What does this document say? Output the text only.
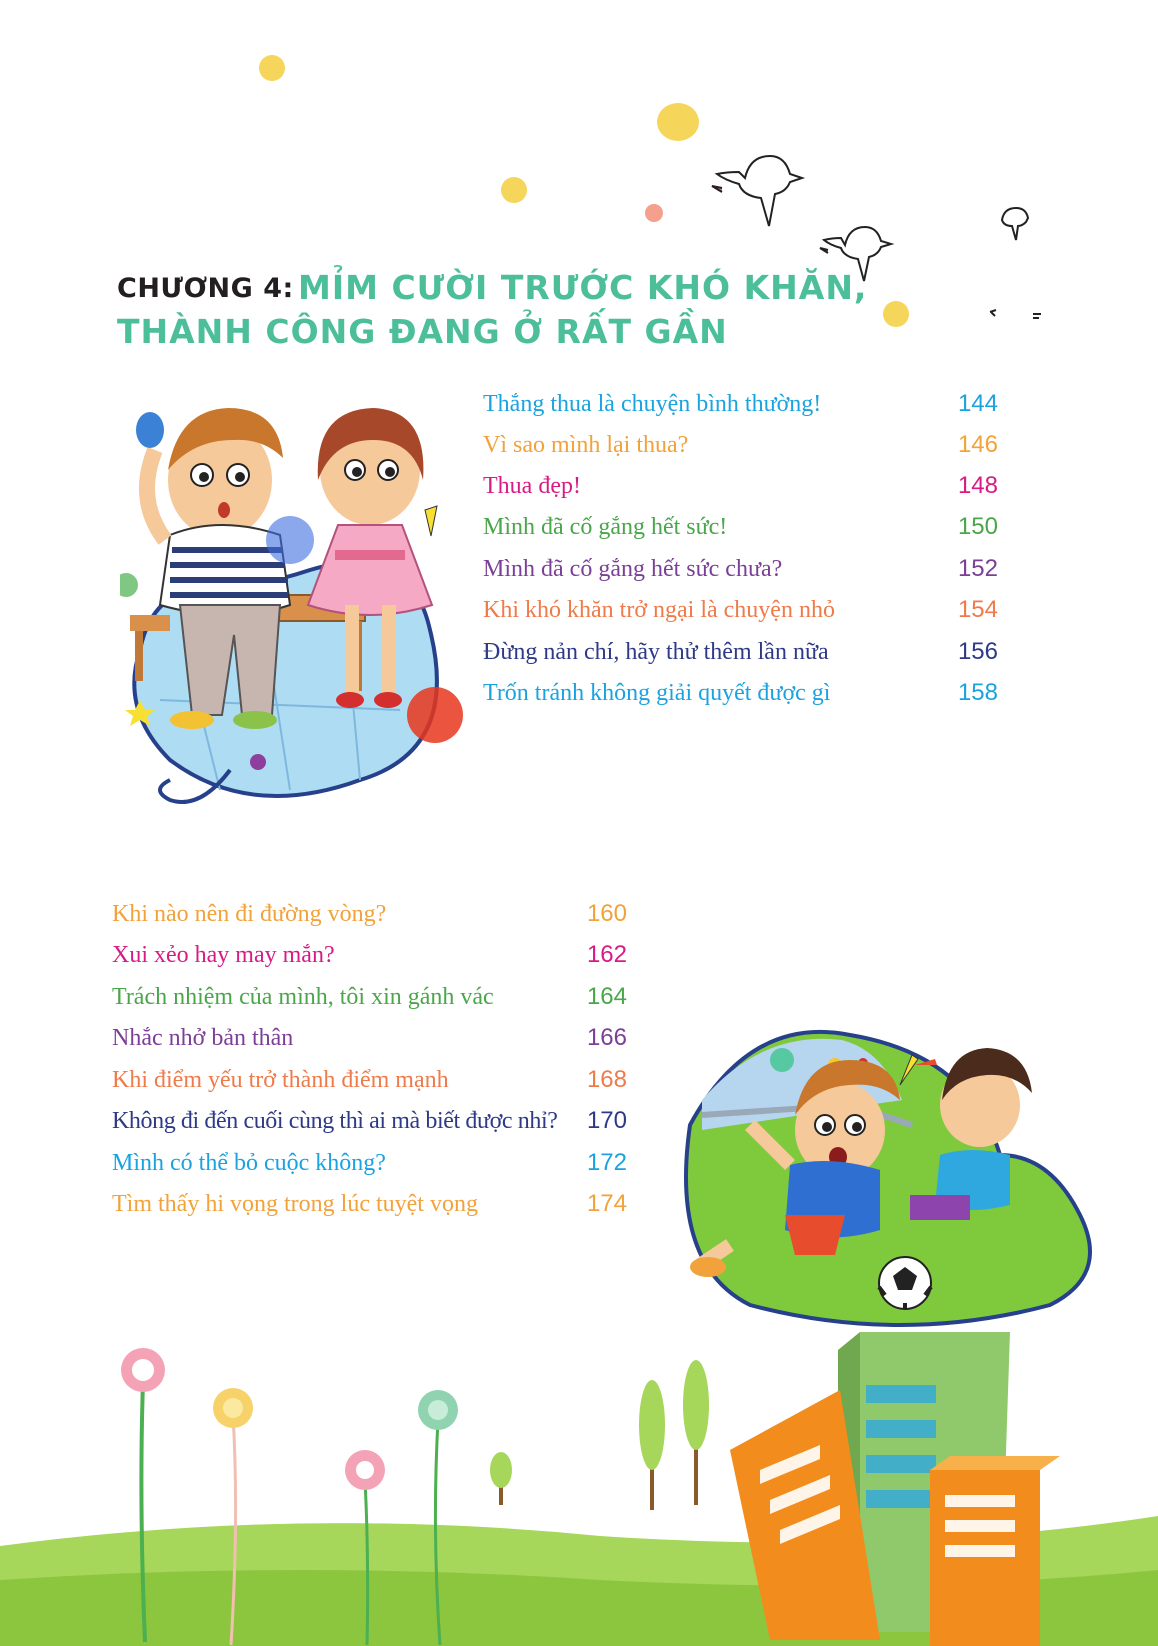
CHƯƠNG 4: MỈM CƯỜI TRƯỚC KHÓ KHĂN,
THÀNH CÔNG ĐANG Ở RẤT GẦN
Thắng thua là chuyện bình thường!	144
Vì sao mình lại thua?	146
Thua đẹp!	148
Mình đã cố gắng hết sức!	150
Mình đã cố gắng hết sức chưa?	152
Khi khó khăn trở ngại là chuyện nhỏ	154
Đừng nản chí, hãy thử thêm lần nữa	156
Trốn tránh không giải quyết được gì	158
Khi nào nên đi đường vòng?	160
Xui xẻo hay may mắn?	162
Trách nhiệm của mình, tôi xin gánh vác	164
Nhắc nhở bản thân	166
Khi điểm yếu trở thành điểm mạnh	168
Không đi đến cuối cùng thì ai mà biết được nhỉ? 170
Mình có thể bỏ cuộc không?	172
Tìm thấy hi vọng trong lúc tuyệt vọng	174
